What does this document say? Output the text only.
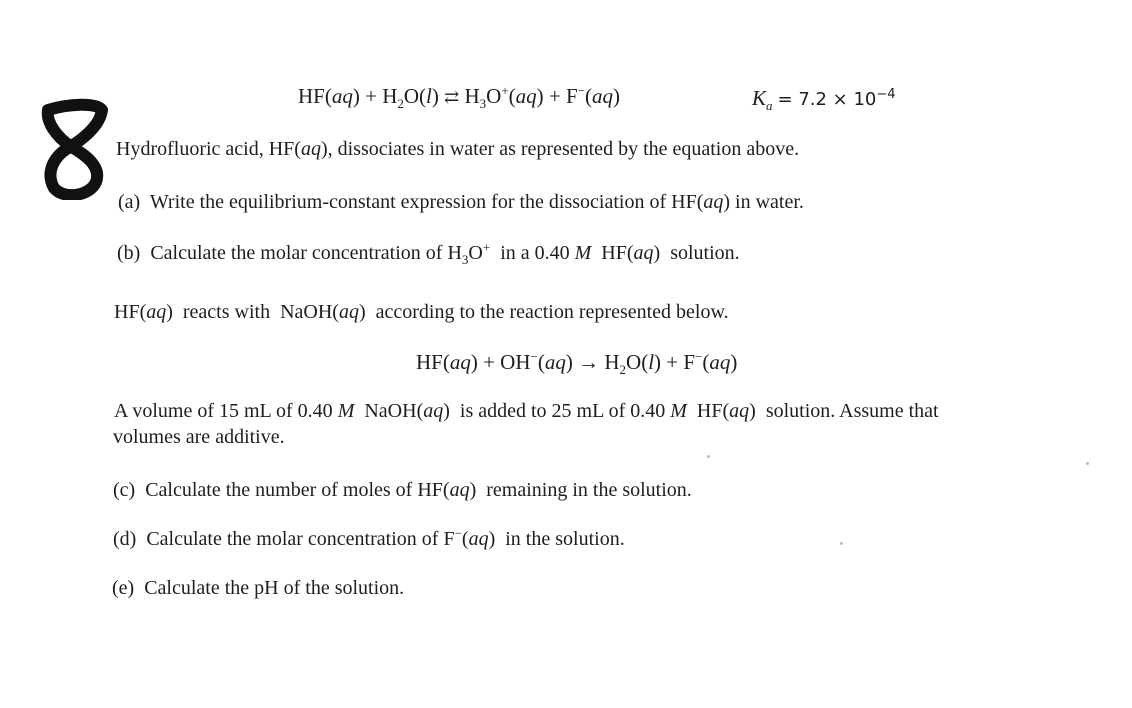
$HF(aq) + H_2O(l)$ ⇄ $H_3O^+(aq) + F^-(aq)$	$K_a = 7.2 \times 10^{-4}$
Hydrofluoric acid, HF(aq), dissociates in water as represented by the equation above.
(a) Write the equilibrium-constant expression for the dissociation of HF(aq) in water.
(b) Calculate the molar concentration of $H_3O^+$  in a 0.40 M  HF(aq)  solution.
HF(aq)  reacts with  NaOH(aq)  according to the reaction represented below.
$HF(aq) + OH^-(aq) \to H_2O(l) + F^-(aq)$
A volume of 15 mL of 0.40 M  NaOH(aq)  is added to 25 mL of 0.40 M  HF(aq)  solution. Assume that
volumes are additive.
(c) Calculate the number of moles of HF(aq)  remaining in the solution.
(d) Calculate the molar concentration of F−(aq)  in the solution.
(e) Calculate the pH of the solution.
